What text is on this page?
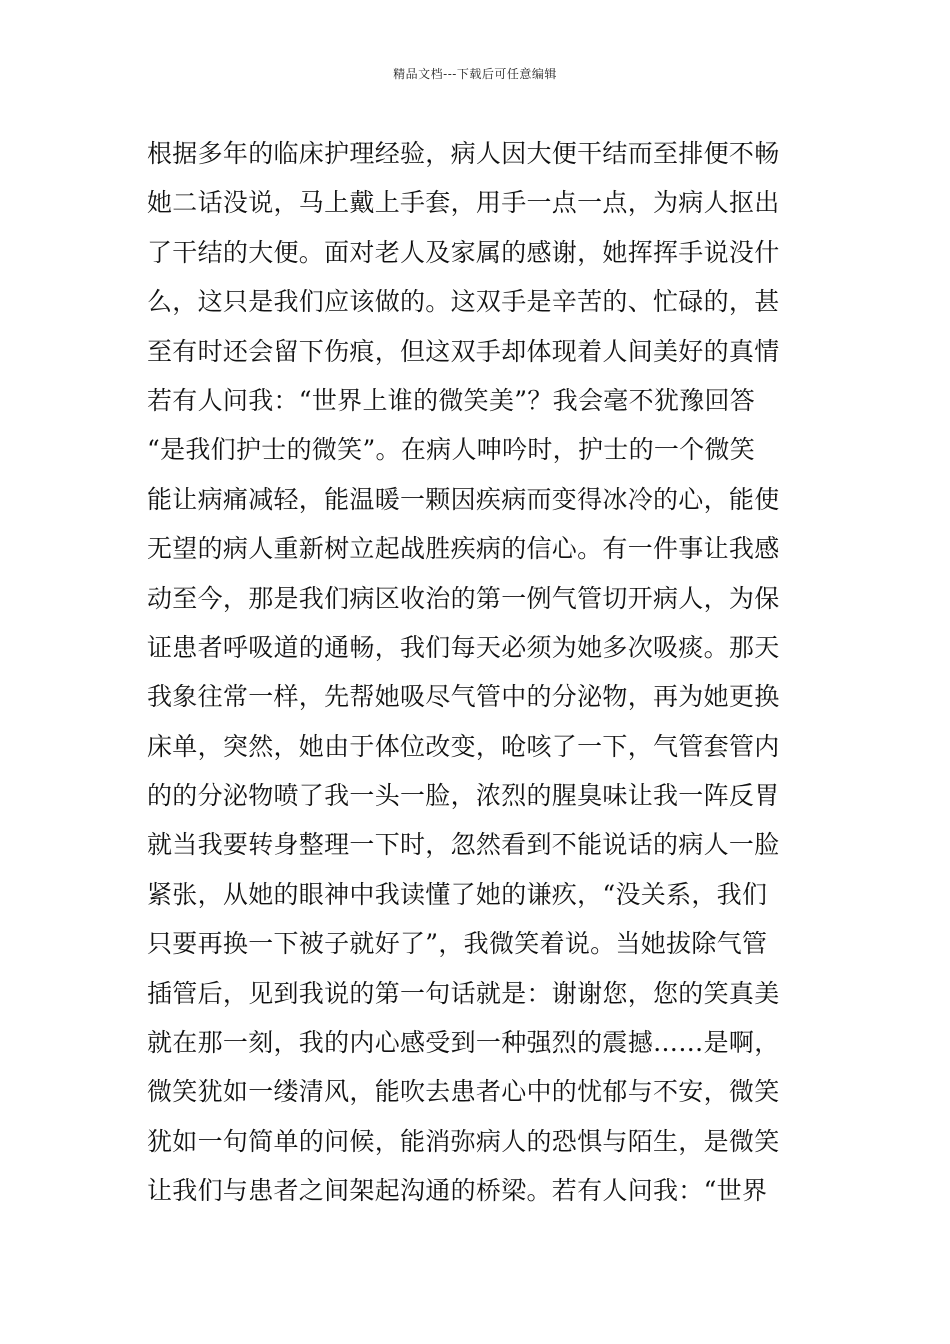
精品文档---下载后可任意编辑
根据多年的临床护理经验，病人因大便干结而至排便不畅
她二话没说，马上戴上手套，用手一点一点，为病人抠出
了干结的大便。面对老人及家属的感谢，她挥挥手说没什
么，这只是我们应该做的。这双手是辛苦的、忙碌的，甚
至有时还会留下伤痕，但这双手却体现着人间美好的真情
若有人问我：“世界上谁的微笑美”？我会毫不犹豫回答
“是我们护士的微笑”。在病人呻吟时，护士的一个微笑
能让病痛减轻，能温暖一颗因疾病而变得冰冷的心，能使
无望的病人重新树立起战胜疾病的信心。有一件事让我感
动至今，那是我们病区收治的第一例气管切开病人，为保
证患者呼吸道的通畅，我们每天必须为她多次吸痰。那天
我象往常一样，先帮她吸尽气管中的分泌物，再为她更换
床单，突然，她由于体位改变，呛咳了一下，气管套管内
的的分泌物喷了我一头一脸，浓烈的腥臭味让我一阵反胃
就当我要转身整理一下时，忽然看到不能说话的病人一脸
紧张，从她的眼神中我读懂了她的谦疚，“没关系，我们
只要再换一下被子就好了”，我微笑着说。当她拔除气管
插管后，见到我说的第一句话就是：谢谢您，您的笑真美
就在那一刻，我的内心感受到一种强烈的震撼……是啊，
微笑犹如一缕清风，能吹去患者心中的忧郁与不安，微笑
犹如一句简单的问候，能消弥病人的恐惧与陌生，是微笑
让我们与患者之间架起沟通的桥梁。若有人问我：“世界
